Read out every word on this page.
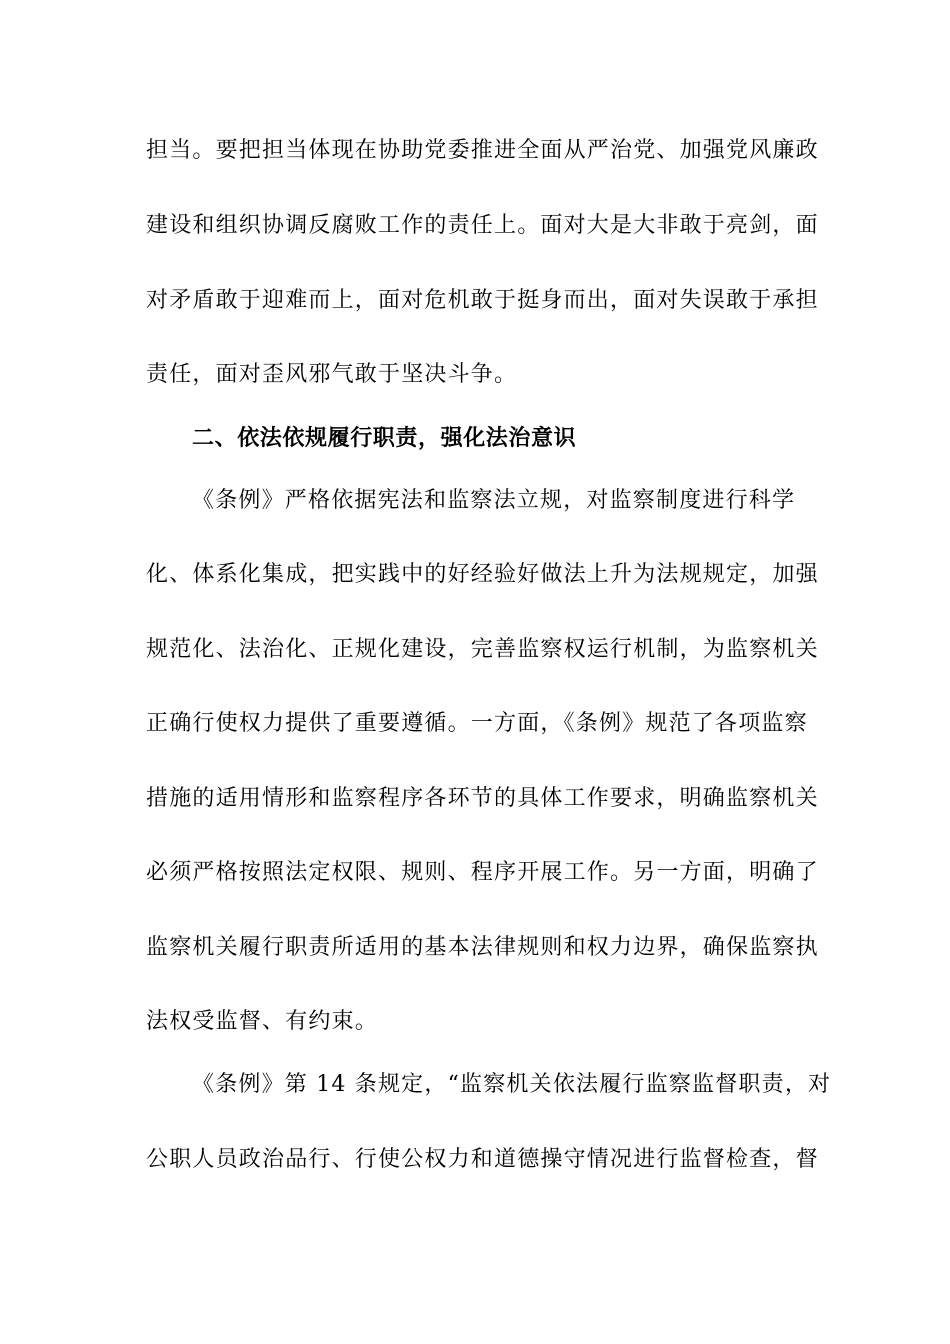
担当。要把担当体现在协助党委推进全面从严治党、加强党风廉政
建设和组织协调反腐败工作的责任上。面对大是大非敢于亮剑，面
对矛盾敢于迎难而上，面对危机敢于挺身而出，面对失误敢于承担
责任，面对歪风邪气敢于坚决斗争。
二、依法依规履行职责，强化法治意识
《条例》严格依据宪法和监察法立规，对监察制度进行科学
化、体系化集成，把实践中的好经验好做法上升为法规规定，加强
规范化、法治化、正规化建设，完善监察权运行机制，为监察机关
正确行使权力提供了重要遵循。一方面，《条例》规范了各项监察
措施的适用情形和监察程序各环节的具体工作要求，明确监察机关
必须严格按照法定权限、规则、程序开展工作。另一方面，明确了
监察机关履行职责所适用的基本法律规则和权力边界，确保监察执
法权受监督、有约束。
《条例》第 14 条规定，“监察机关依法履行监察监督职责，对
公职人员政治品行、行使公权力和道德操守情况进行监督检查，督
